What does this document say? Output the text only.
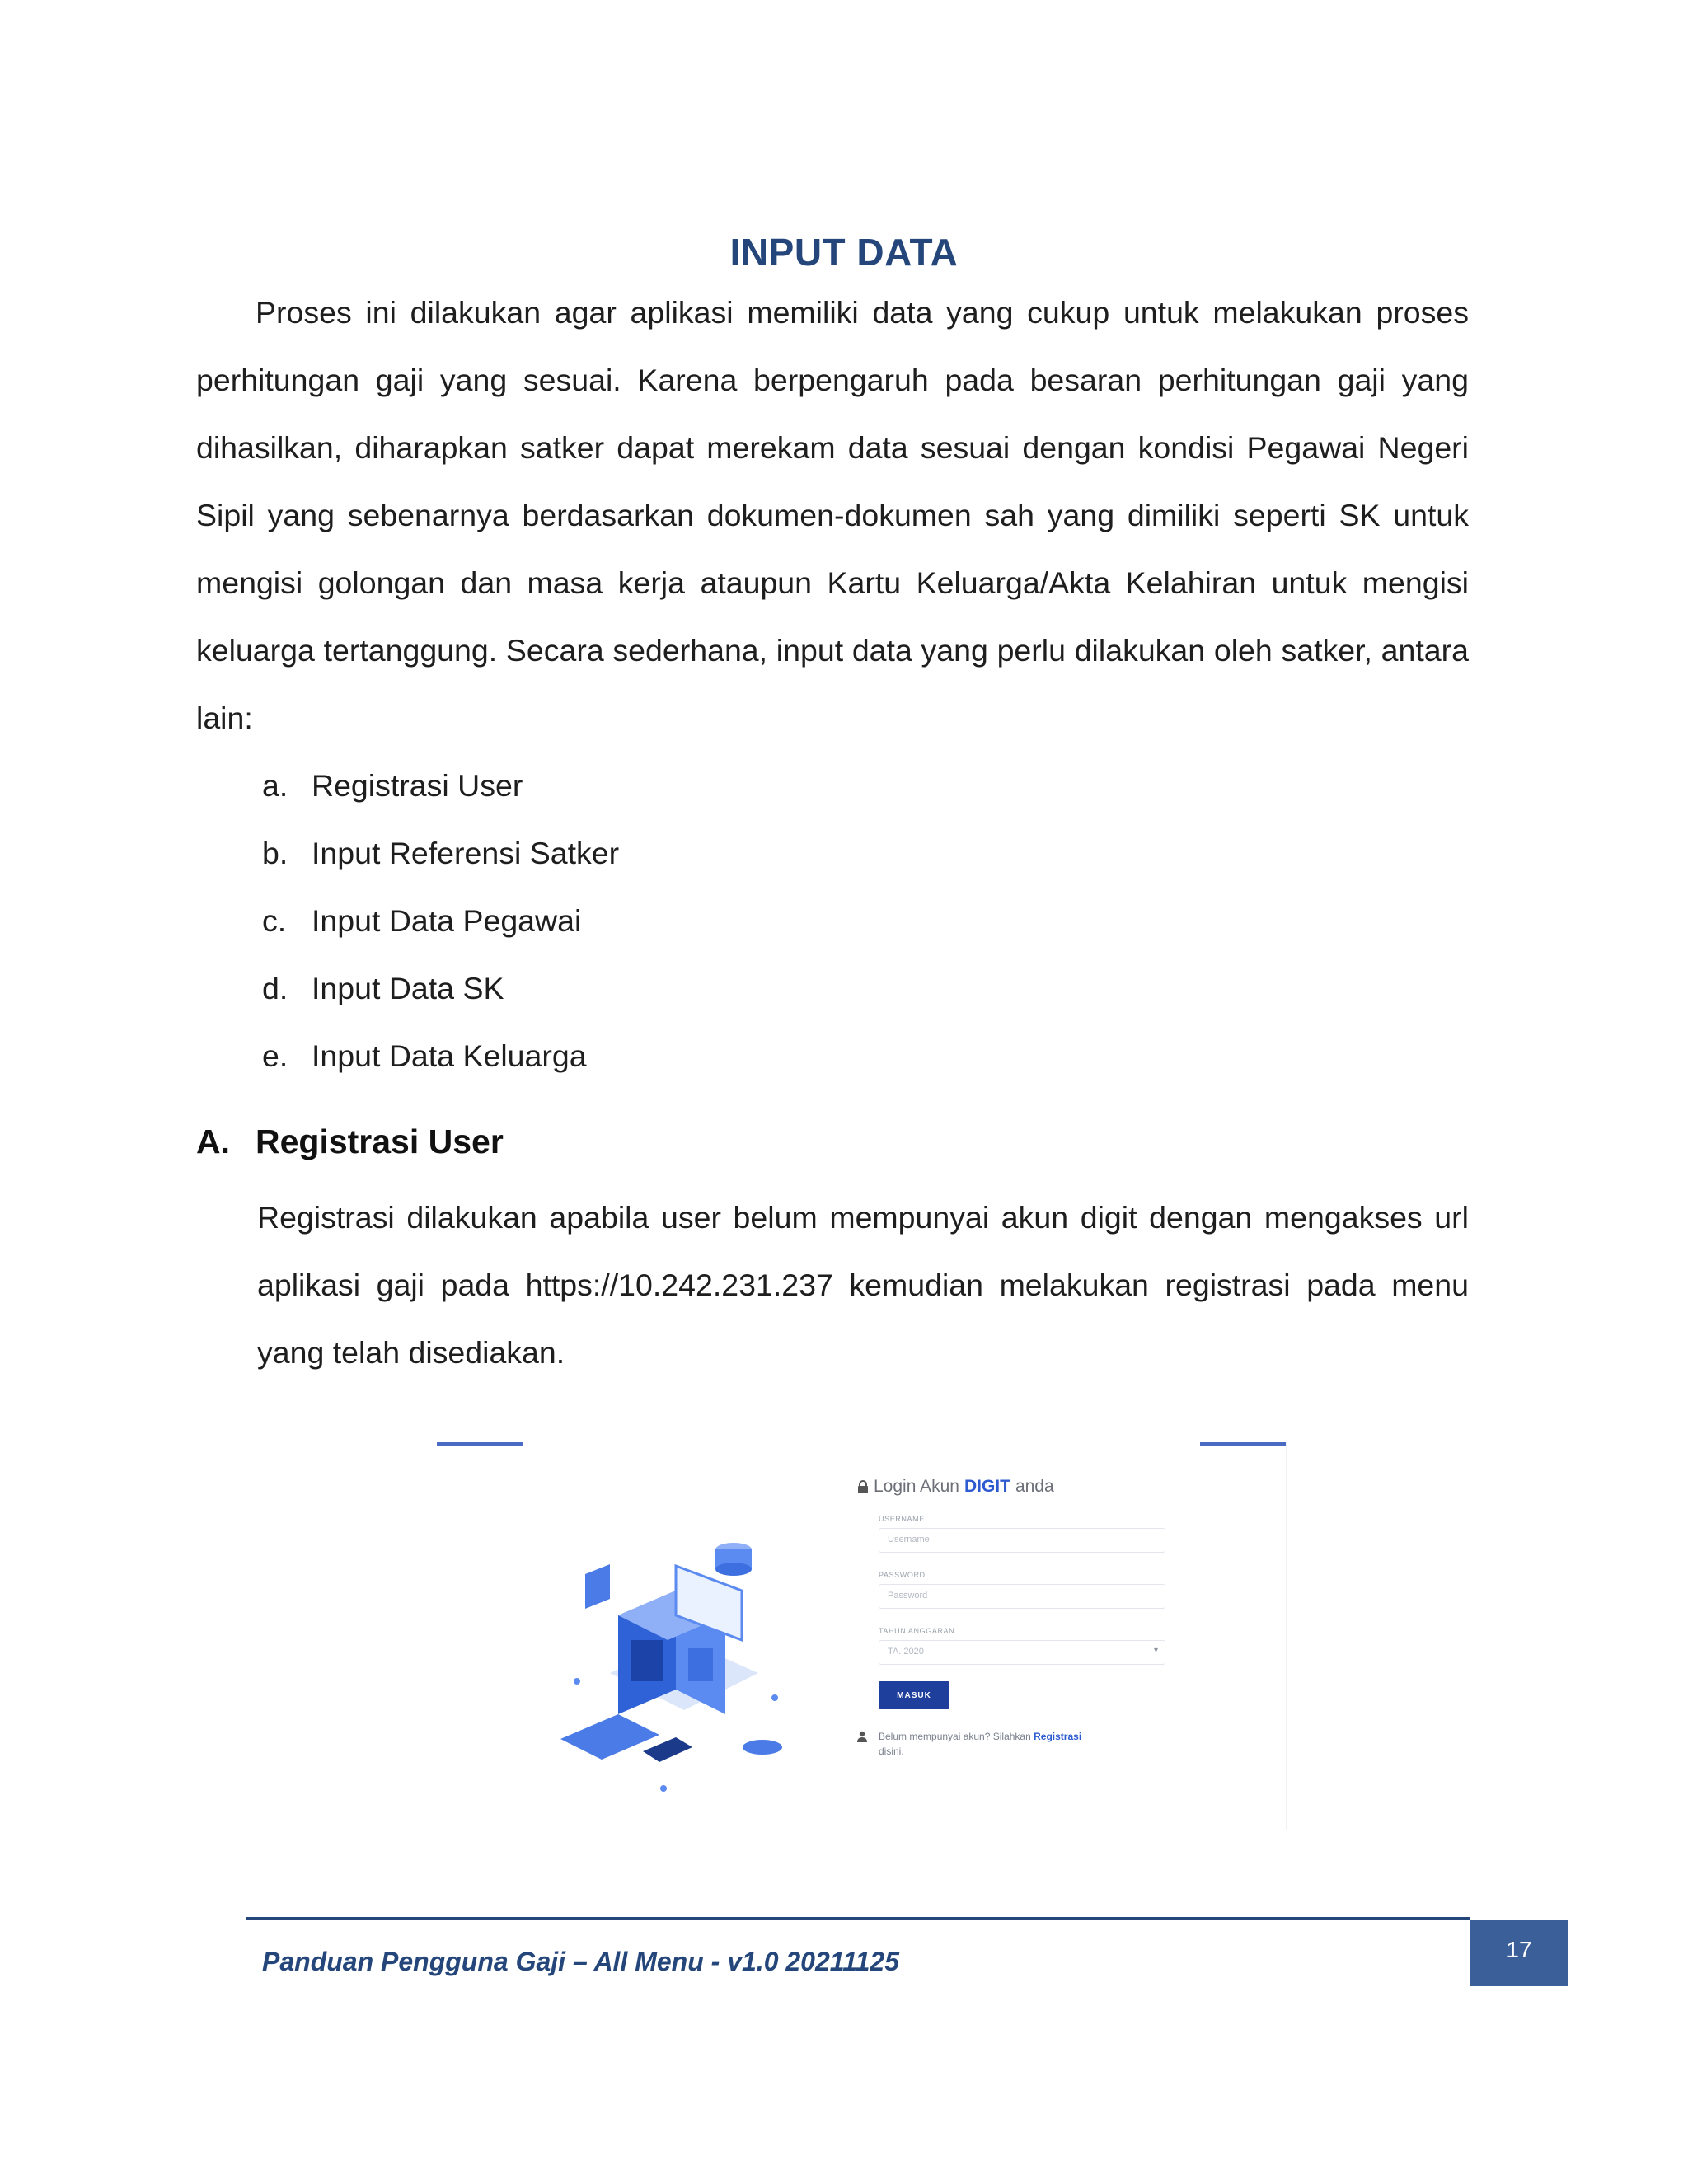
INPUT DATA

Proses ini dilakukan agar aplikasi memiliki data yang cukup untuk melakukan proses perhitungan gaji yang sesuai. Karena berpengaruh pada besaran perhitungan gaji yang dihasilkan, diharapkan satker dapat merekam data sesuai dengan kondisi Pegawai Negeri Sipil yang sebenarnya berdasarkan dokumen-dokumen sah yang dimiliki seperti SK untuk mengisi golongan dan masa kerja ataupun Kartu Keluarga/Akta Kelahiran untuk mengisi keluarga tertanggung. Secara sederhana, input data yang perlu dilakukan oleh satker, antara lain:

a. Registrasi User
b. Input Referensi Satker
c. Input Data Pegawai
d. Input Data SK
e. Input Data Keluarga
A. Registrasi User

Registrasi dilakukan apabila user belum mempunyai akun digit dengan mengakses url aplikasi gaji pada https://10.242.231.237 kemudian melakukan registrasi pada menu yang telah disediakan.

Login Akun DIGIT anda
USERNAME
Username
PASSWORD
Password
TAHUN ANGGARAN
TA. 2020	▾
MASUK
Belum mempunyai akun? Silahkan Registrasi
disini.
Panduan Pengguna Gaji – All Menu - v1.0 20211125	17
